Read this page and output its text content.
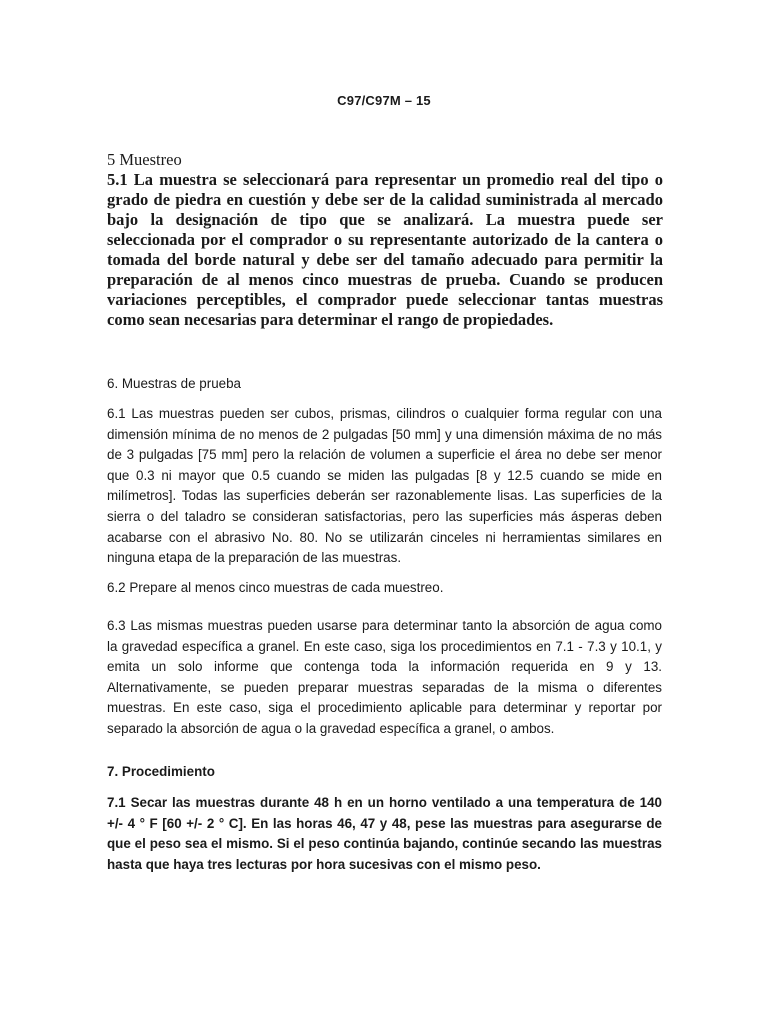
C97/C97M – 15

5 Muestreo

5.1 La muestra se seleccionará para representar un promedio real del tipo o grado de piedra en cuestión y debe ser de la calidad suministrada al mercado bajo la designación de tipo que se analizará. La muestra puede ser seleccionada por el comprador o su representante autorizado de la cantera o tomada del borde natural y debe ser del tamaño adecuado para permitir la preparación de al menos cinco muestras de prueba. Cuando se producen variaciones perceptibles, el comprador puede seleccionar tantas muestras como sean necesarias para determinar el rango de propiedades.

6. Muestras de prueba

6.1 Las muestras pueden ser cubos, prismas, cilindros o cualquier forma regular con una dimensión mínima de no menos de 2 pulgadas [50 mm] y una dimensión máxima de no más de 3 pulgadas [75 mm] pero la relación de volumen a superficie el área no debe ser menor que 0.3 ni mayor que 0.5 cuando se miden las pulgadas [8 y 12.5 cuando se mide en milímetros]. Todas las superficies deberán ser razonablemente lisas. Las superficies de la sierra o del taladro se consideran satisfactorias, pero las superficies más ásperas deben acabarse con el abrasivo No. 80. No se utilizarán cinceles ni herramientas similares en ninguna etapa de la preparación de las muestras.

6.2 Prepare al menos cinco muestras de cada muestreo.

6.3 Las mismas muestras pueden usarse para determinar tanto la absorción de agua como la gravedad específica a granel. En este caso, siga los procedimientos en 7.1 - 7.3 y 10.1, y emita un solo informe que contenga toda la información requerida en 9 y 13. Alternativamente, se pueden preparar muestras separadas de la misma o diferentes muestras. En este caso, siga el procedimiento aplicable para determinar y reportar por separado la absorción de agua o la gravedad específica a granel, o ambos.

7. Procedimiento

7.1 Secar las muestras durante 48 h en un horno ventilado a una temperatura de 140 +/- 4 ° F [60 +/- 2 ° C]. En las horas 46, 47 y 48, pese las muestras para asegurarse de que el peso sea el mismo. Si el peso continúa bajando, continúe secando las muestras hasta que haya tres lecturas por hora sucesivas con el mismo peso.
